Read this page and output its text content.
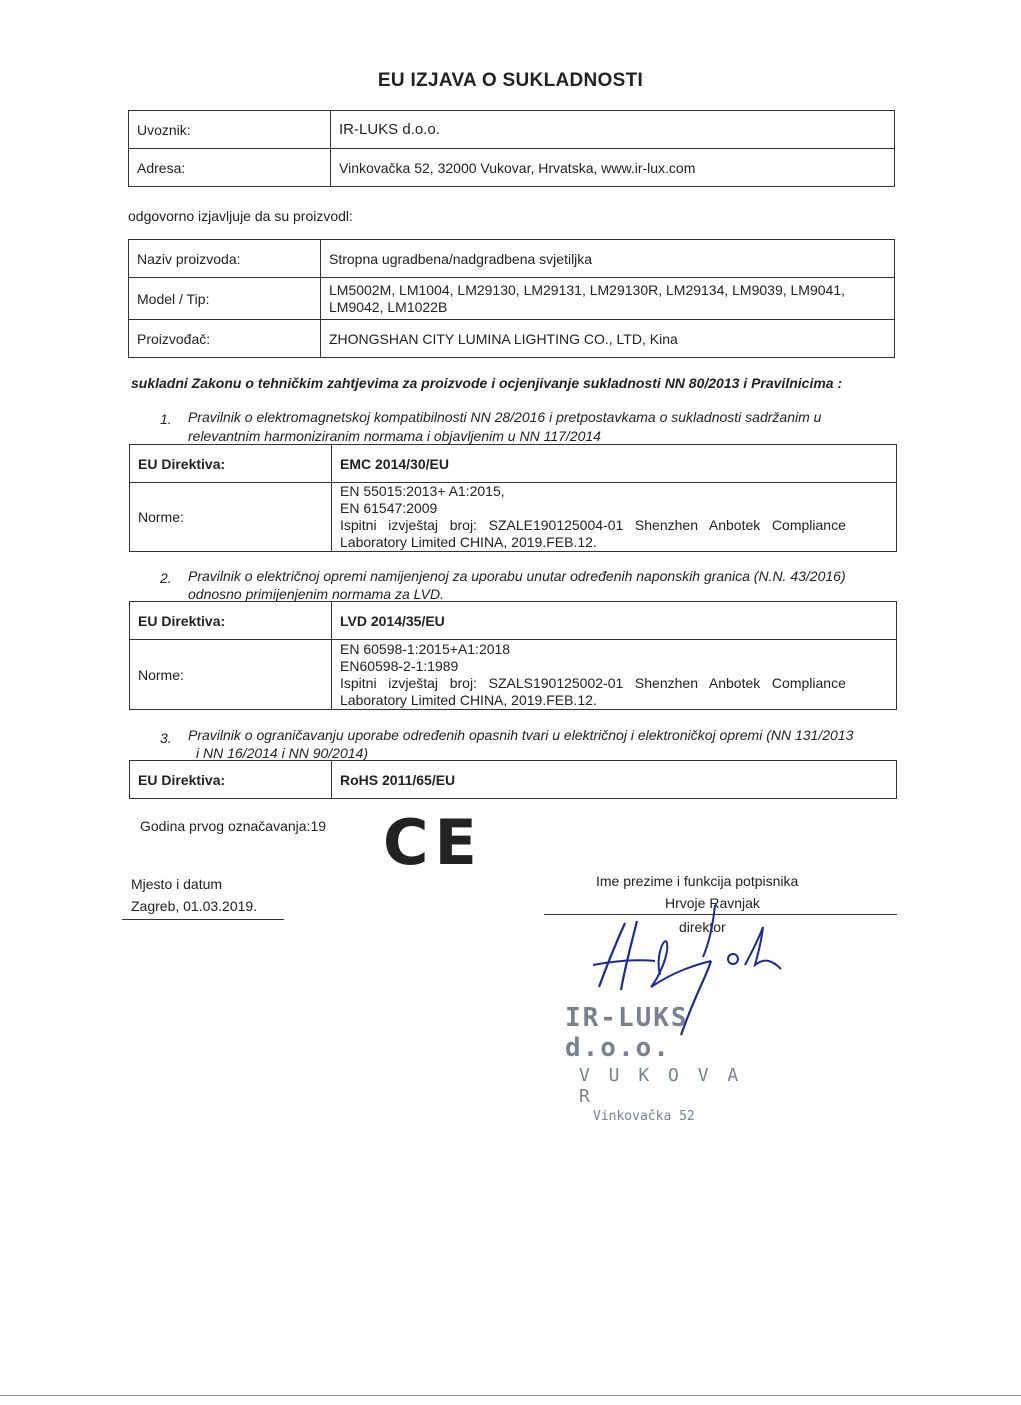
EU IZJAVA O SUKLADNOSTI
Uvoznik:	IR-LUKS d.o.o.
Adresa:	Vinkovačka 52, 32000 Vukovar, Hrvatska, www.ir-lux.com
odgovorno izjavljuje da su proizvodl:
Naziv proizvoda:	Stropna ugradbena/nadgradbena svjetiljka
Model / Tip:	LM5002M, LM1004, LM29130, LM29131, LM29130R, LM29134, LM9039, LM9041,
LM9042, LM1022B

Proizvođač:	ZHONGSHAN CITY LUMINA LIGHTING CO., LTD, Kina
sukladni Zakonu o tehničkim zahtjevima za proizvode i ocjenjivanje sukladnosti NN 80/2013 i Pravilnicima :
1. Pravilnik o elektromagnetskoj kompatibilnosti NN 28/2016 i pretpostavkama o sukladnosti sadržanim u
relevantnim harmoniziranim normama i objavljenim u NN 117/2014
EU Direktiva:	EMC 2014/30/EU
Norme:	EN 55015:2013+ A1:2015,
EN 61547:2009
Ispitni   izvještaj   broj:   SZALE190125004-01   Shenzhen   Anbotek   Compliance
Laboratory Limited CHINA, 2019.FEB.12.
2. Pravilnik o električnoj opremi namijenjenoj za uporabu unutar određenih naponskih granica (N.N. 43/2016)
odnosno primijenjenim normama za LVD.
EU Direktiva:	LVD 2014/35/EU
Norme:	EN 60598-1:2015+A1:2018
EN60598-2-1:1989
Ispitni   izvještaj   broj:   SZALS190125002-01   Shenzhen   Anbotek   Compliance
Laboratory Limited CHINA, 2019.FEB.12.
3. Pravilnik o ograničavanju uporabe određenih opasnih tvari u električnoj i elektroničkoj opremi (NN 131/2013
i NN 16/2014 i NN 90/2014)
EU Direktiva:	RoHS 2011/65/EU
Godina prvog označavanja:19 CE
Mjesto i datum
Zagreb, 01.03.2019.
Ime prezime i funkcija potpisnika
Hrvoje Ravnjak
direktor
IR-LUKS d.o.o.
V U K O V A R
Vinkovačka 52
